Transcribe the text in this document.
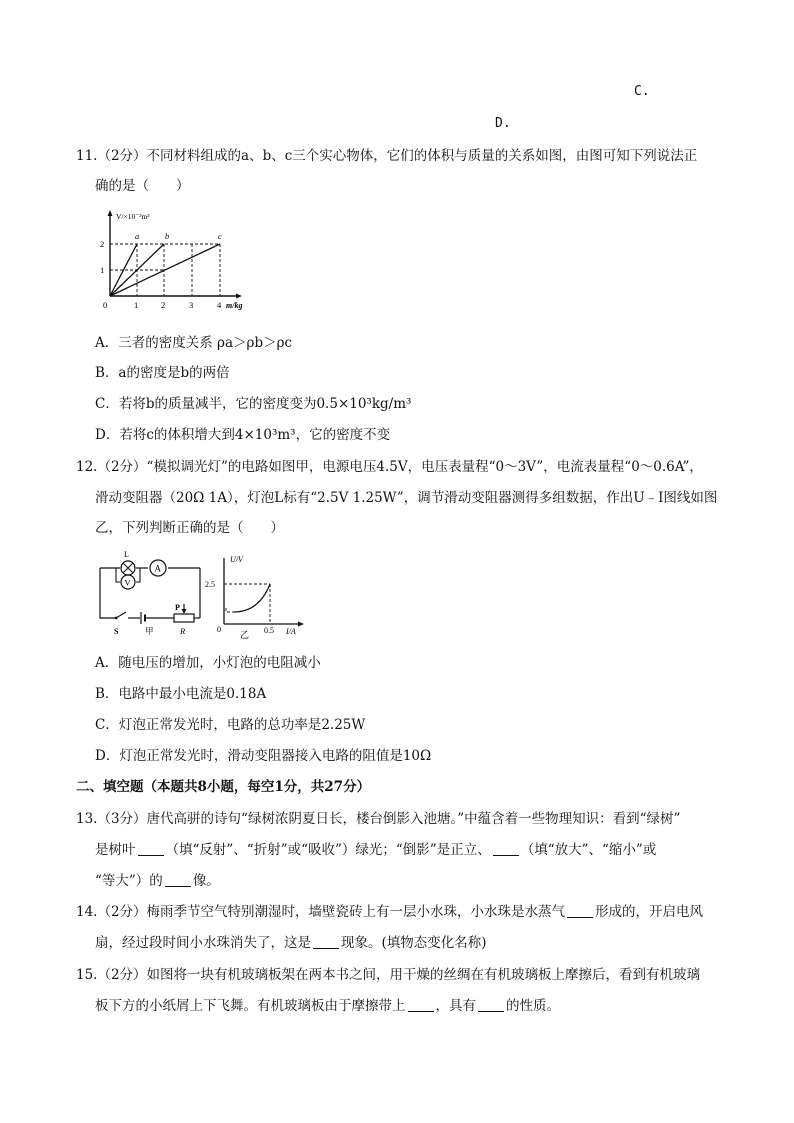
C.
D.
11.（2分）不同材料组成的a、b、c三个实心物体，它们的体积与质量的关系如图，由图可知下列说法正
确的是（　　）
V/×10⁻³m³
a	b	c
2
1
0	1	2	3	4 m/kg
A．三者的密度关系 ρa＞ρb＞ρc
B．a的密度是b的两倍
C．若将b的质量减半，它的密度变为0.5×10³kg/m³
D．若将c的体积增大到4×10³m³，它的密度不变
12.（2分）“模拟调光灯”的电路如图甲，电源电压4.5V，电压表量程“0～3V”，电流表量程“0～0.6A”，
滑动变阻器（20Ω 1A），灯泡L标有“2.5V 1.25W”，调节滑动变阻器测得多组数据，作出U﹣I图线如图
乙，下列判断正确的是（　　）
L
A
V
P
S	甲	R
U/V
2.5
0	0.5 I/A
乙
A．随电压的增加，小灯泡的电阻减小
B．电路中最小电流是0.18A
C．灯泡正常发光时，电路的总功率是2.25W
D．灯泡正常发光时，滑动变阻器接入电路的阻值是10Ω
二、填空题（本题共8小题，每空1分，共27分）
13.（3分）唐代高骈的诗句“绿树浓阴夏日长，楼台倒影入池塘。”中蕴含着一些物理知识：看到“绿树”
是树叶 （填“反射”、“折射”或“吸收”）绿光；“倒影”是正立、 （填“放大”、“缩小”或
“等大”）的 像。
14.（2分）梅雨季节空气特别潮湿时，墙壁瓷砖上有一层小水珠，小水珠是水蒸气 形成的，开启电风
扇，经过段时间小水珠消失了，这是 现象。(填物态变化名称)
15.（2分）如图将一块有机玻璃板架在两本书之间，用干燥的丝绸在有机玻璃板上摩擦后，看到有机玻璃
板下方的小纸屑上下飞舞。有机玻璃板由于摩擦带上 ，具有 的性质。
